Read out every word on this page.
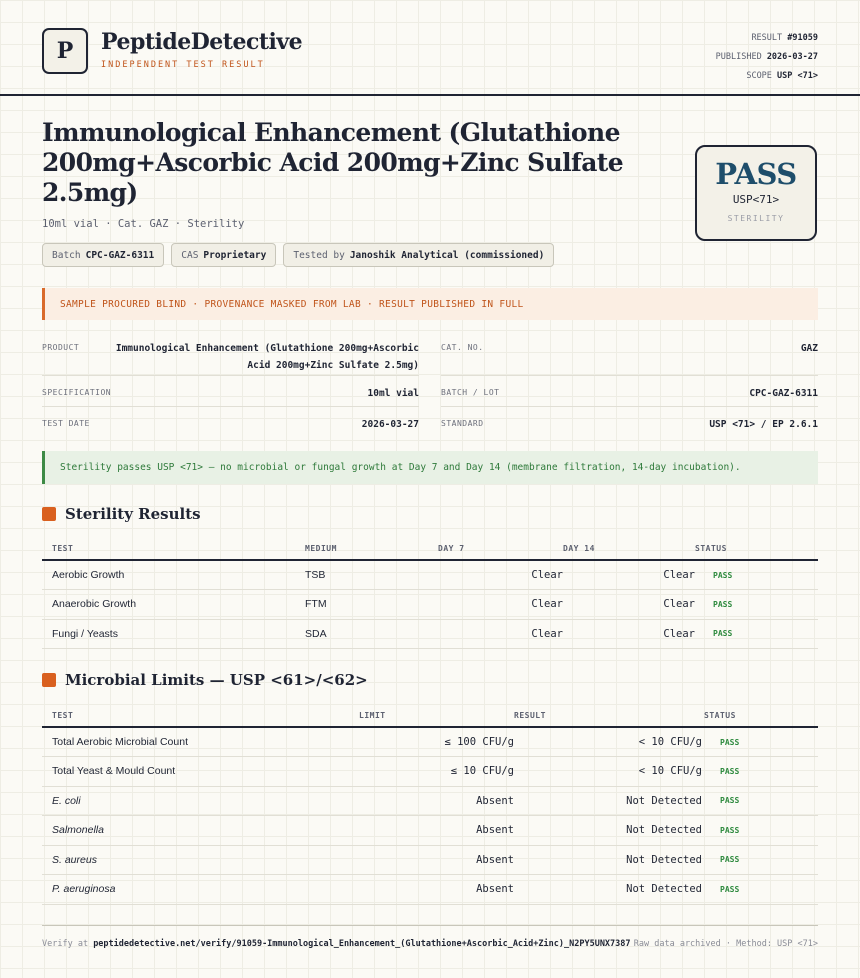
P PeptideDetective
INDEPENDENT TEST RESULT
RESULT #91059
PUBLISHED 2026-03-27
SCOPE USP <71>
Immunological Enhancement (Glutathione 200mg+Ascorbic Acid 200mg+Zinc Sulfate 2.5mg)
10ml vial · Cat. GAZ · Sterility
PASS
USP<71>
STERILITY
Batch CPC-GAZ-6311	CAS Proprietary	Tested by Janoshik Analytical (commissioned)
SAMPLE PROCURED BLIND · PROVENANCE MASKED FROM LAB · RESULT PUBLISHED IN FULL
PRODUCT	Immunological Enhancement (Glutathione 200mg+Ascorbic
Acid 200mg+Zinc Sulfate 2.5mg)
CAT. NO.	GAZ
SPECIFICATION	10ml vial	BATCH / LOT	CPC-GAZ-6311
TEST DATE	2026-03-27	STANDARD	USP <71> / EP 2.6.1
Sterility passes USP <71> — no microbial or fungal growth at Day 7 and Day 14 (membrane filtration, 14-day incubation).
Sterility Results
TEST	MEDIUM	DAY 7	DAY 14	STATUS
Aerobic Growth	TSB	Clear	Clear	PASS
Anaerobic Growth	FTM	Clear	Clear	PASS
Fungi / Yeasts	SDA	Clear	Clear	PASS
Microbial Limits — USP <61>/<62>
TEST	LIMIT	RESULT	STATUS
Total Aerobic Microbial Count	≤ 100 CFU/g	< 10 CFU/g	PASS
Total Yeast & Mould Count	≤ 10 CFU/g	< 10 CFU/g	PASS
E. coli	Absent	Not Detected	PASS
Salmonella	Absent	Not Detected	PASS
S. aureus	Absent	Not Detected	PASS
P. aeruginosa	Absent	Not Detected	PASS
Verify at peptidedetective.net/verify/91059-Immunological_Enhancement_(Glutathione+Ascorbic_Acid+Zinc)_N2PY5UNX7387 Raw data archived · Method: USP <71>
